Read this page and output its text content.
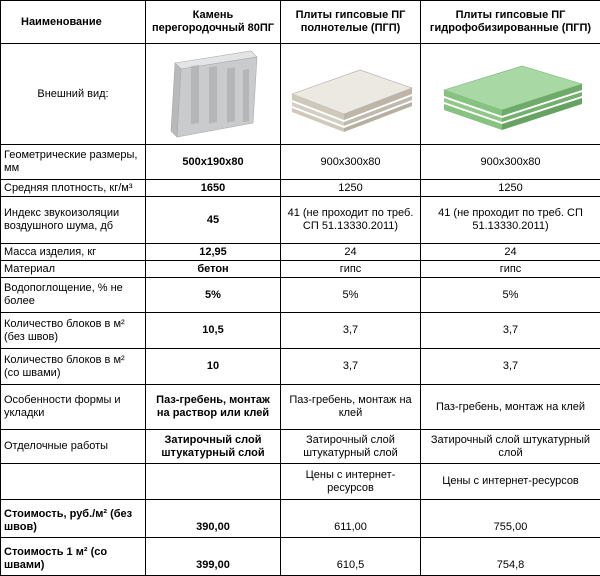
Наименование	Камень перегородочный 80ПГ	Плиты гипсовые ПГ полнотелые (ПГП)	Плиты гипсовые ПГ гидрофобизированные (ПГП)
Внешний вид:	

Геометрические размеры, мм	500x190x80	900x300x80	900x300x80
Средняя плотность, кг/м³	1650	1250	1250
Индекс звукоизоляции воздушного шума, дб	45	41 (не проходит по треб. СП 51.13330.2011)	41 (не проходит по треб. СП 51.13330.2011)
Масса изделия, кг	12,95	24	24
Материал	бетон	гипс	гипс
Водопоглощение, % не более	5%	5%	5%
Количество блоков в м² (без швов)	10,5	3,7	3,7
Количество блоков в м² (со швами)	10	3,7	3,7
Особенности формы и укладки	Паз-гребень, монтаж на раствор или клей	Паз-гребень, монтаж на клей	Паз-гребень, монтаж на клей
Отделочные работы	Затирочный слой штукатурный слой	Затирочный слой штукатурный слой	Затирочный слой штукатурный слой
		Цены с интернет-ресурсов	Цены с интернет-ресурсов
Стоимость, руб./м² (без швов)	390,00	611,00	755,00
Стоимость 1 м² (со швами)	399,00	610,5	754,8
